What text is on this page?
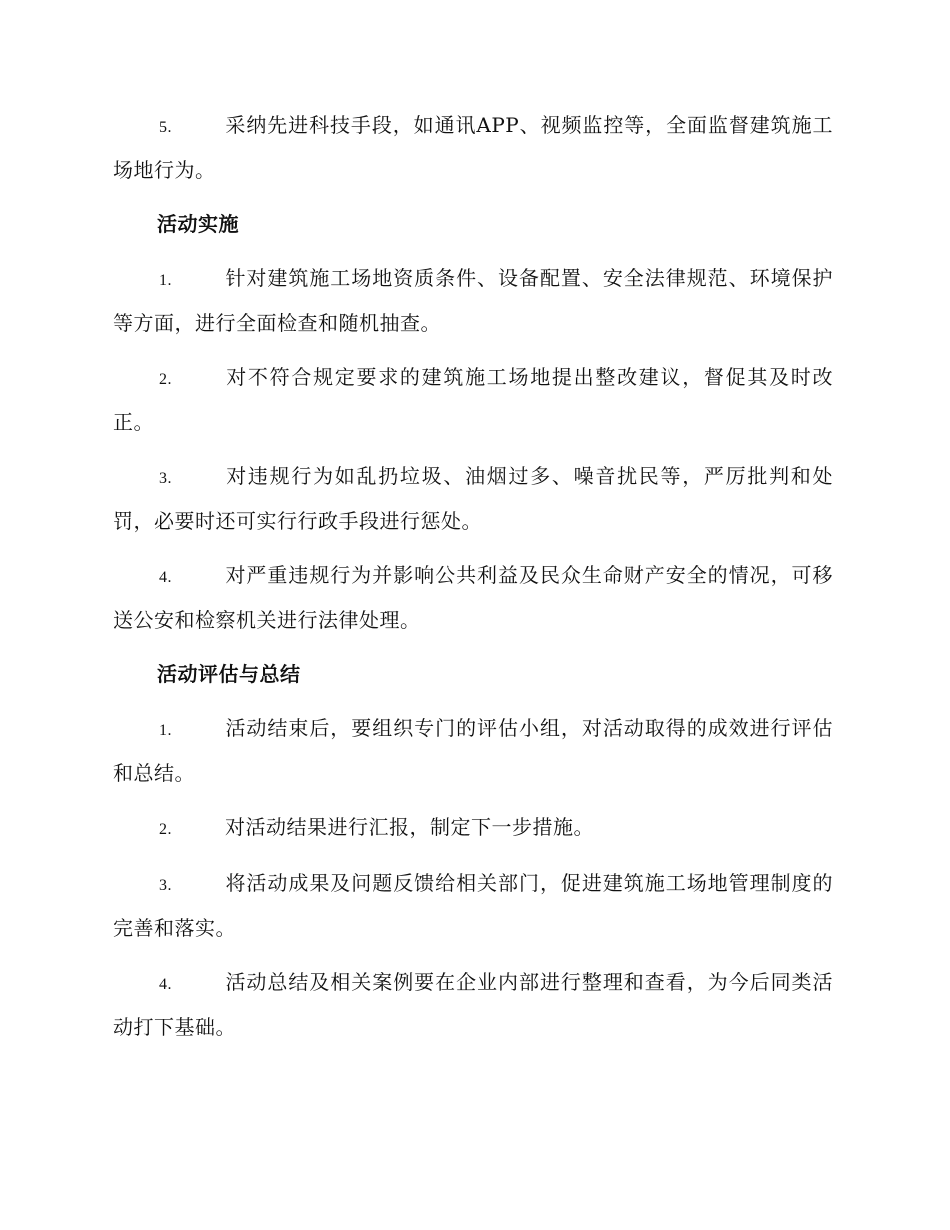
5.	采纳先进科技手段，如通讯APP、视频监控等，全面监督建筑施工场地行为。

活动实施

1.	针对建筑施工场地资质条件、设备配置、安全法律规范、环境保护等方面，进行全面检查和随机抽查。

2.	对不符合规定要求的建筑施工场地提出整改建议，督促其及时改正。

3.	对违规行为如乱扔垃圾、油烟过多、噪音扰民等，严厉批判和处罚，必要时还可实行行政手段进行惩处。

4.	对严重违规行为并影响公共利益及民众生命财产安全的情况，可移送公安和检察机关进行法律处理。

活动评估与总结

1.	活动结束后，要组织专门的评估小组，对活动取得的成效进行评估和总结。

2.	对活动结果进行汇报，制定下一步措施。

3.	将活动成果及问题反馈给相关部门，促进建筑施工场地管理制度的完善和落实。

4.	活动总结及相关案例要在企业内部进行整理和查看，为今后同类活动打下基础。
